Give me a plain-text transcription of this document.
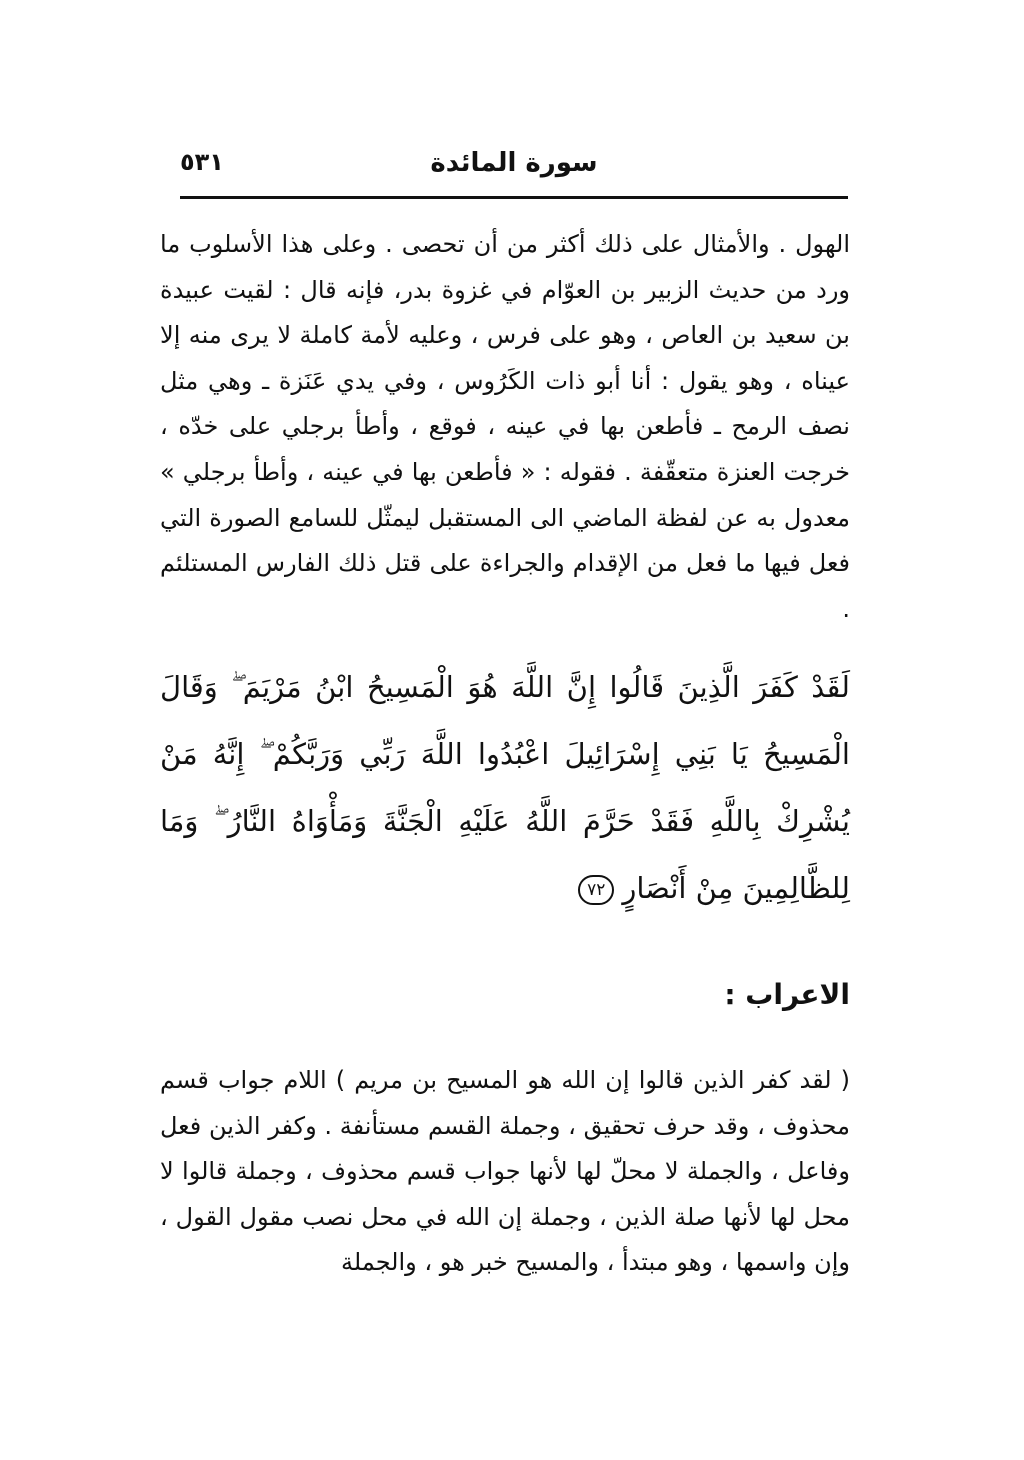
سورة المائدة
٥٣١

الهول . والأمثال على ذلك أكثر من أن تحصى . وعلى هذا الأسلوب ما ورد من حديث الزبير بن العوّام في غزوة بدر، فإنه قال : لقيت عبيدة بن سعيد بن العاص ، وهو على فرس ، وعليه لأمة كاملة لا يرى منه إلا عيناه ، وهو يقول : أنا أبو ذات الكَرُوس ، وفي يدي عَنَزة ـ وهي مثل نصف الرمح ـ فأطعن بها في عينه ، فوقع ، وأطأ برجلي على خدّه ، خرجت العنزة متعقّفة . فقوله : « فأطعن بها في عينه ، وأطأ برجلي » معدول به عن لفظة الماضي الى المستقبل ليمثّل للسامع الصورة التي فعل فيها ما فعل من الإقدام والجراءة على قتل ذلك الفارس المستلئم .

لَقَدْ كَفَرَ الَّذِينَ قَالُوا إِنَّ اللَّهَ هُوَ الْمَسِيحُ ابْنُ مَرْيَمَ ۖ وَقَالَ الْمَسِيحُ يَا بَنِي إِسْرَائِيلَ اعْبُدُوا اللَّهَ رَبِّي وَرَبَّكُمْ ۖ إِنَّهُ مَنْ يُشْرِكْ بِاللَّهِ فَقَدْ حَرَّمَ اللَّهُ عَلَيْهِ الْجَنَّةَ وَمَأْوَاهُ النَّارُ ۖ وَمَا لِلظَّالِمِينَ مِنْ أَنْصَارٍ٧٢

الاعراب :

( لقد كفر الذين قالوا إن الله هو المسيح بن مريم ) اللام جواب قسم محذوف ، وقد حرف تحقيق ، وجملة القسم مستأنفة . وكفر الذين فعل وفاعل ، والجملة لا محلّ لها لأنها جواب قسم محذوف ، وجملة قالوا لا محل لها لأنها صلة الذين ، وجملة إن الله في محل نصب مقول القول ، وإن واسمها ، وهو مبتدأ ، والمسيح خبر هو ، والجملة
